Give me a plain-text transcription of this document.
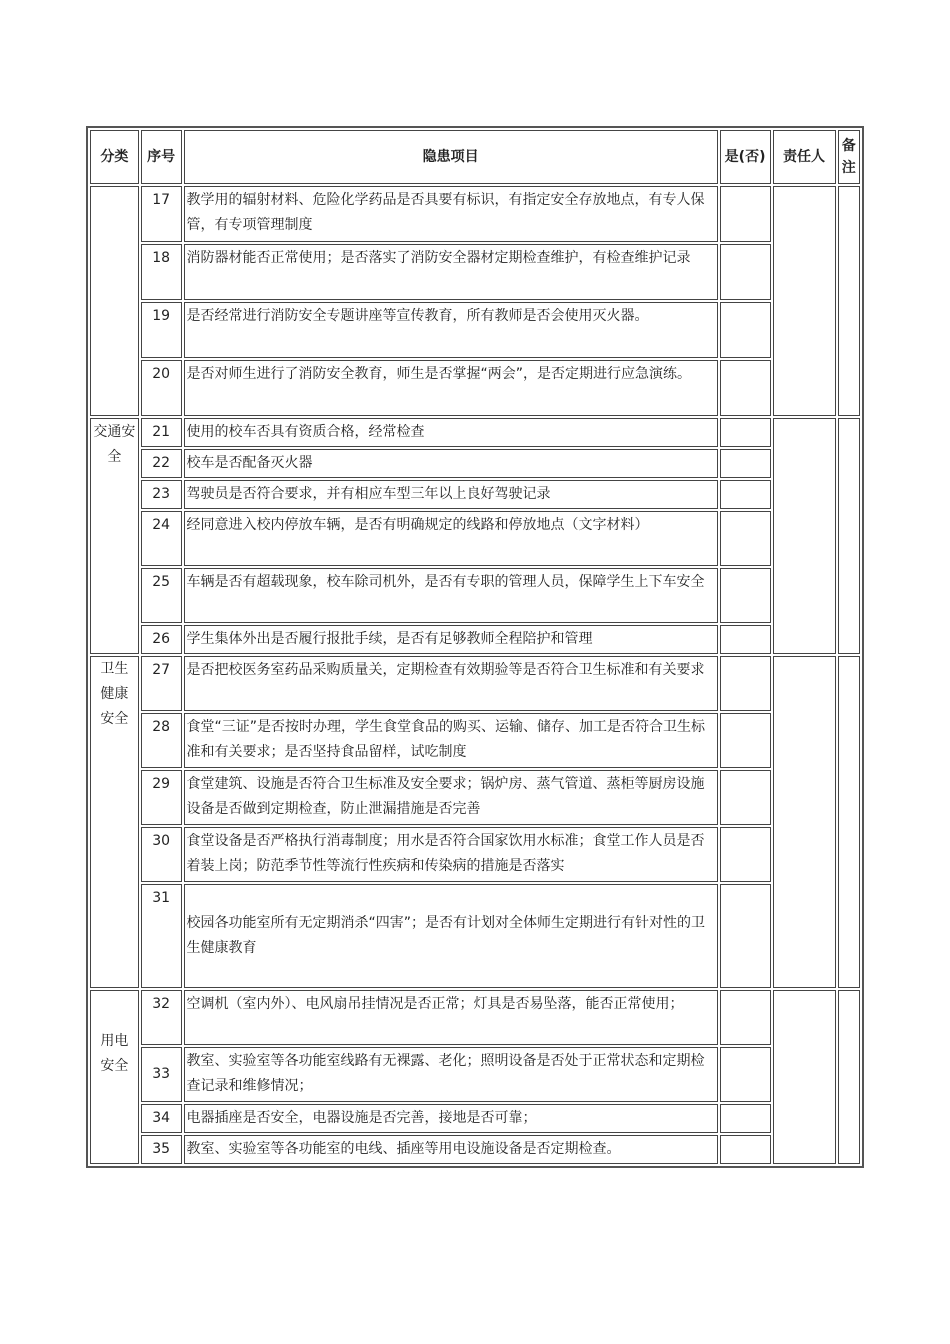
分类	序号	隐患项目	是(否)	责任人	备注
	17	教学用的辐射材料、危险化学药品是否具要有标识，有指定安全存放地点，有专人保管，有专项管理制度			
	18	消防器材能否正常使用；是否落实了消防安全器材定期检查维护，有检查维护记录			
	19	是否经常进行消防安全专题讲座等宣传教育，所有教师是否会使用灭火器。			
	20	是否对师生进行了消防安全教育，师生是否掌握“两会”，是否定期进行应急演练。			
交通安全	21	使用的校车否具有资质合格，经常检查			
	22	校车是否配备灭火器			
	23	驾驶员是否符合要求，并有相应车型三年以上良好驾驶记录			
	24	经同意进入校内停放车辆，是否有明确规定的线路和停放地点（文字材料）			
	25	车辆是否有超载现象，校车除司机外，是否有专职的管理人员，保障学生上下车安全			
	26	学生集体外出是否履行报批手续，是否有足够教师全程陪护和管理			
卫生健康安全	27	是否把校医务室药品采购质量关，定期检查有效期验等是否符合卫生标准和有关要求			
	28	食堂“三证”是否按时办理，学生食堂食品的购买、运输、储存、加工是否符合卫生标准和有关要求；是否坚持食品留样，试吃制度			
	29	食堂建筑、设施是否符合卫生标准及安全要求；锅炉房、蒸气管道、蒸柜等厨房设施设备是否做到定期检查，防止泄漏措施是否完善			
	30	食堂设备是否严格执行消毒制度；用水是否符合国家饮用水标准；食堂工作人员是否着装上岗；防范季节性等流行性疾病和传染病的措施是否落实			
	31	校园各功能室所有无定期消杀“四害”；是否有计划对全体师生定期进行有针对性的卫生健康教育			
用电安全	32	空调机（室内外）、电风扇吊挂情况是否正常；灯具是否易坠落，能否正常使用；			
	33	教室、实验室等各功能室线路有无裸露、老化；照明设备是否处于正常状态和定期检查记录和维修情况；			
	34	电器插座是否安全，电器设施是否完善，接地是否可靠；			
	35	教室、实验室等各功能室的电线、插座等用电设施设备是否定期检查。			
